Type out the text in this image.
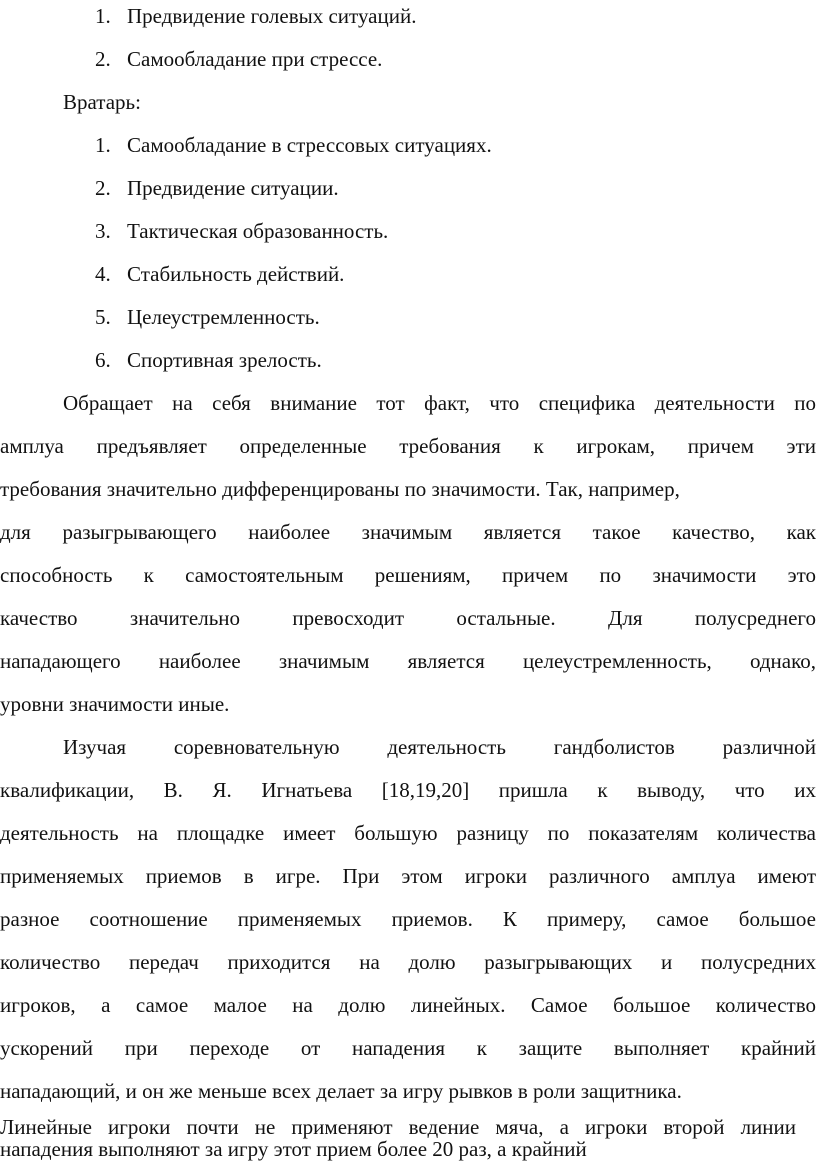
1. Предвидение голевых ситуаций.
2. Самообладание при стрессе.
Вратарь:
1. Самообладание в стрессовых ситуациях.
2. Предвидение ситуации.
3. Тактическая образованность.
4. Стабильность действий.
5. Целеустремленность.
6. Спортивная зрелость.
Обращает на себя внимание тот факт, что специфика деятельности по
амплуа предъявляет определенные требования к игрокам, причем эти
требования значительно дифференцированы по значимости. Так, например,
для разыгрывающего наиболее значимым является такое качество, как
способность к самостоятельным решениям, причем по значимости это
качество значительно превосходит остальные. Для полусреднего
нападающего наиболее значимым является целеустремленность, однако,
уровни значимости иные.
Изучая соревновательную деятельность гандболистов различной
квалификации, В. Я. Игнатьева [18,19,20] пришла к выводу, что их
деятельность на площадке имеет большую разницу по показателям количества
применяемых приемов в игре. При этом игроки различного амплуа имеют
разное соотношение применяемых приемов. К примеру, самое большое
количество передач приходится на долю разыгрывающих и полусредних
игроков, а самое малое на долю линейных. Самое большое количество
ускорений при переходе от нападения к защите выполняет крайний
нападающий, и он же меньше всех делает за игру рывков в роли защитника.
Линейные игроки почти не применяют ведение мяча, а игроки второй линии
нападения выполняют за игру этот прием более 20 раз, а крайний
